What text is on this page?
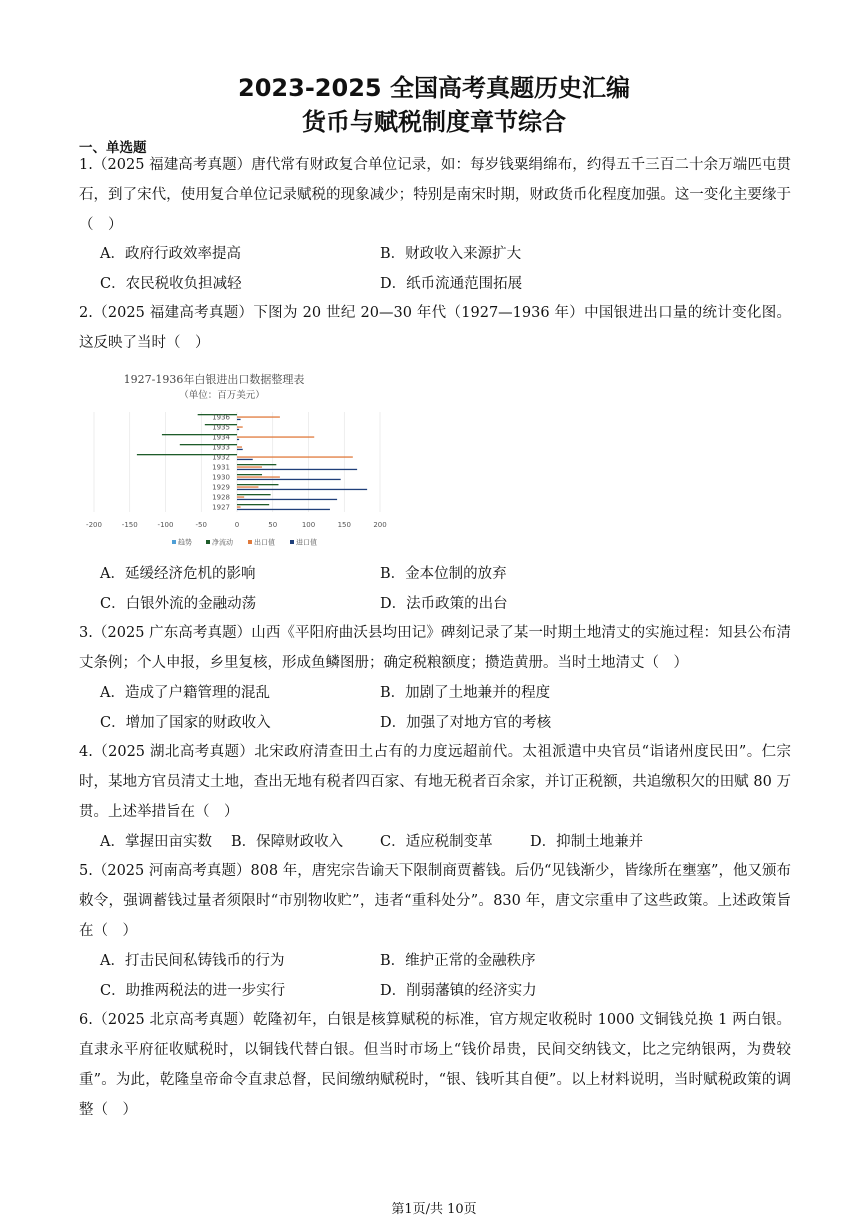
2023-2025 全国高考真题历史汇编
货币与赋税制度章节综合
一、单选题
1.（2025 福建高考真题）唐代常有财政复合单位记录，如：每岁钱粟绢绵布，约得五千三百二十余万端匹屯贯石，到了宋代，使用复合单位记录赋税的现象减少；特别是南宋时期，财政货币化程度加强。这一变化主要缘于（　）
A．政府行政效率提高	B．财政收入来源扩大
C．农民税收负担减轻	D．纸币流通范围拓展
2.（2025 福建高考真题）下图为 20 世纪 20—30 年代（1927—1936 年）中国银进出口量的统计变化图。这反映了当时（　）
1927-1936年白银进出口数据整理表
（单位：百万美元）
1936
1935
1934
1933
1932
1931
1930
1929
1928
1927
-200	-150	-100	-50	0	50	100	150	200
趋势	净流动	出口值	进口值
A．延缓经济危机的影响	B．金本位制的放弃
C．白银外流的金融动荡	D．法币政策的出台
3.（2025 广东高考真题）山西《平阳府曲沃县均田记》碑刻记录了某一时期土地清丈的实施过程：知县公布清丈条例；个人申报，乡里复核，形成鱼鳞图册；确定税粮额度；攒造黄册。当时土地清丈（　）
A．造成了户籍管理的混乱	B．加剧了土地兼并的程度
C．增加了国家的财政收入	D．加强了对地方官的考核
4.（2025 湖北高考真题）北宋政府清查田土占有的力度远超前代。太祖派遣中央官员“诣诸州度民田”。仁宗时，某地方官员清丈土地，查出无地有税者四百家、有地无税者百余家，并订正税额，共追缴积欠的田赋 80 万贯。上述举措旨在（　）
A．掌握田亩实数 B．保障财政收入	C．适应税制变革	D．抑制土地兼并
5.（2025 河南高考真题）808 年，唐宪宗告谕天下限制商贾蓄钱。后仍“见钱渐少，皆缘所在壅塞”，他又颁布敕令，强调蓄钱过量者须限时“市别物收贮”，违者“重科处分”。830 年，唐文宗重申了这些政策。上述政策旨在（　）
A．打击民间私铸钱币的行为	B．维护正常的金融秩序
C．助推两税法的进一步实行	D．削弱藩镇的经济实力
6.（2025 北京高考真题）乾隆初年，白银是核算赋税的标准，官方规定收税时 1000 文铜钱兑换 1 两白银。直隶永平府征收赋税时，以铜钱代替白银。但当时市场上“钱价昂贵，民间交纳钱文，比之完纳银两，为费较重”。为此，乾隆皇帝命令直隶总督，民间缴纳赋税时，“银、钱听其自便”。以上材料说明，当时赋税政策的调整（　）
第1页/共 10页
